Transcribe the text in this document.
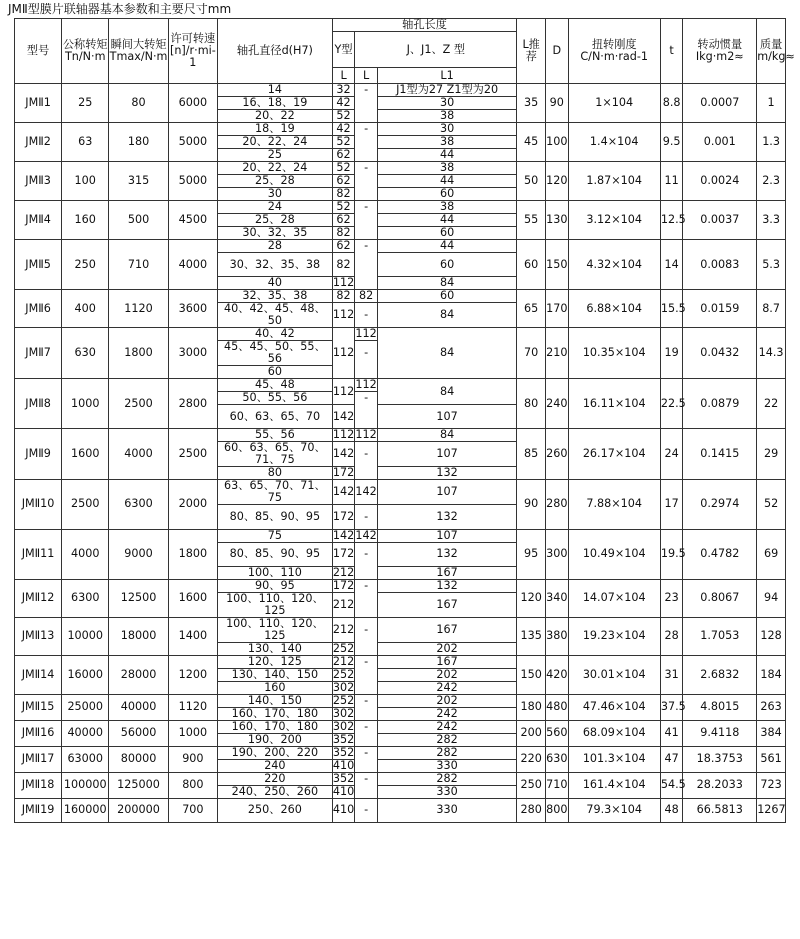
JMⅡ型膜片联轴器基本参数和主要尺寸mm
型号	公称转矩Tn/N·m	瞬间大转矩Tmax/N·m	许可转速[n]/r·mi-1	轴孔直径d(H7)	轴孔长度			L推荐	D	扭转刚度C/N·m·rad-1	t	转动惯量Ikg·m2≈	质量m/kg≈
					Y型	J、J1、Z 型							
					L	L	L1						
JMⅡ1	25	80	6000	14	32	-	J1型为27 Z1型为20	35	90	1×104	8.8	0.0007	1
				16、18、19	42		30						
				20、22	52		38						
JMⅡ2	63	180	5000	18、19	42	-	30	45	100	1.4×104	9.5	0.001	1.3
				20、22、24	52		38						
				25	62		44						
JMⅡ3	100	315	5000	20、22、24	52	-	38	50	120	1.87×104	11	0.0024	2.3
				25、28	62		44						
				30	82		60						
JMⅡ4	160	500	4500	24	52	-	38	55	130	3.12×104	12.5	0.0037	3.3
				25、28	62		44						
				30、32、35	82		60						
JMⅡ5	250	710	4000	28	62	-	44	60	150	4.32×104	14	0.0083	5.3
				30、32、35、38	82		60						
				40	112		84						
JMⅡ6	400	1120	3600	32、35、38	82	82	60	65	170	6.88×104	15.5	0.0159	8.7
				40、42、45、48、50	112	-	84						
JMⅡ7	630	1800	3000	40、42	112	112	84	70	210	10.35×104	19	0.0432	14.3
				45、45、50、55、56		-							
				60									
JMⅡ8	1000	2500	2800	45、48	112	112	84	80	240	16.11×104	22.5	0.0879	22
				50、55、56		-							
				60、63、65、70	142		107						
JMⅡ9	1600	4000	2500	55、56	112	112	84	85	260	26.17×104	24	0.1415	29
				60、63、65、70、71、75	142	-	107						
				80	172		132						
JMⅡ10	2500	6300	2000	63、65、70、71、75	142	142	107	90	280	7.88×104	17	0.2974	52
				80、85、90、95	172	-	132						
JMⅡ11	4000	9000	1800	75	142	142	107	95	300	10.49×104	19.5	0.4782	69
				80、85、90、95	172	-	132						
				100、110	212		167						
JMⅡ12	6300	12500	1600	90、95	172	-	132	120	340	14.07×104	23	0.8067	94
				100、110、120、125	212		167						
JMⅡ13	10000	18000	1400	100、110、120、125	212	-	167	135	380	19.23×104	28	1.7053	128
				130、140	252		202						
JMⅡ14	16000	28000	1200	120、125	212	-	167	150	420	30.01×104	31	2.6832	184
				130、140、150	252		202						
				160	302		242						
JMⅡ15	25000	40000	1120	140、150	252	-	202	180	480	47.46×104	37.5	4.8015	263
				160、170、180	302		242						
JMⅡ16	40000	56000	1000	160、170、180	302	-	242	200	560	68.09×104	41	9.4118	384
				190、200	352		282						
JMⅡ17	63000	80000	900	190、200、220	352	-	282	220	630	101.3×104	47	18.3753	561
				240	410		330						
JMⅡ18	100000	125000	800	220	352	-	282	250	710	161.4×104	54.5	28.2033	723
				240、250、260	410		330						
JMⅡ19	160000	200000	700	250、260	410	-	330	280	800	79.3×104	48	66.5813	1267
